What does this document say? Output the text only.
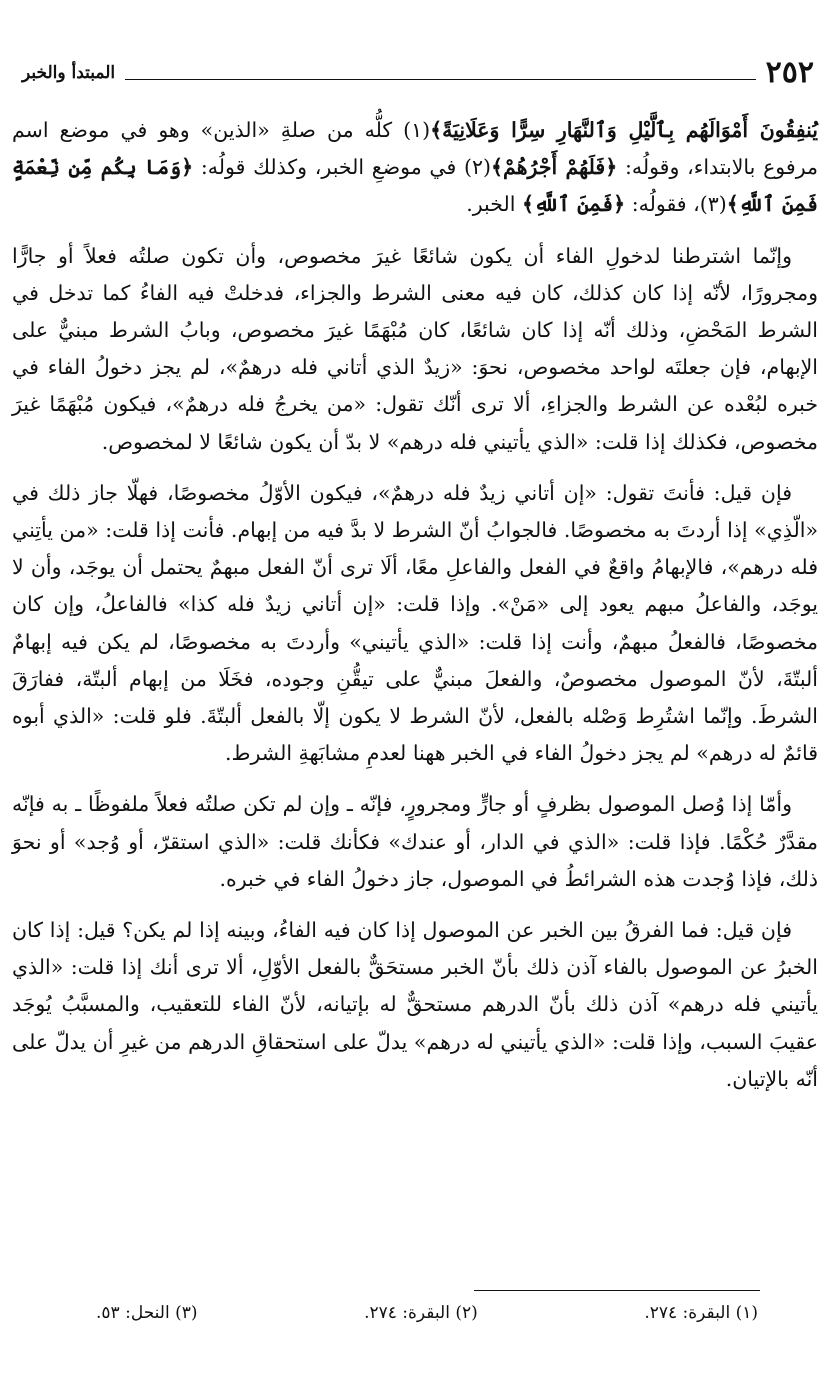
٢٥٢
المبتدأ والخبر

يُنفِقُونَ أَمْوَالَهُم بِٱلَّيْلِ وَٱلنَّهَارِ سِرًّا وَعَلَانِيَةً﴾(١) كلُّه من صلةِ «الذين» وهو في موضع اسم مرفوع بالابتداء، وقولُه: ﴿فَلَهُمْ أَجْرُهُمْ﴾(٢) في موضعِ الخبر، وكذلك قولُه: ﴿وَمَا بِكُم مِّن نِّعْمَةٍ فَمِنَ ٱللَّهِ﴾(٣)، فقولُه: ﴿فَمِنَ ٱللَّهِ﴾ الخبر.

وإنّما اشترطنا لدخولِ الفاء أن يكون شائعًا غيرَ مخصوص، وأن تكون صلتُه فعلاً أو جارًّا ومجرورًا، لأنّه إذا كان كذلك، كان فيه معنى الشرط والجزاء، فدخلتْ فيه الفاءُ كما تدخل في الشرط المَحْضِ، وذلك أنّه إذا كان شائعًا، كان مُبْهَمًا غيرَ مخصوص، وبابُ الشرط مبنيٌّ على الإبهام، فإن جعلتَه لواحد مخصوص، نحوَ: «زيدٌ الذي أتاني فله درهمٌ»، لم يجز دخولُ الفاء في خبره لبُعْده عن الشرط والجزاءِ، ألا ترى أنّك تقول: «من يخرجُ فله درهمٌ»، فيكون مُبْهَمًا غيرَ مخصوص، فكذلك إذا قلت: «الذي يأتيني فله درهم» لا بدّ أن يكون شائعًا لا لمخصوص.

فإن قيل: فأنتَ تقول: «إن أتاني زيدٌ فله درهمٌ»، فيكون الأوّلُ مخصوصًا، فهلّا جاز ذلك في «الّذِي» إذا أردتَ به مخصوصًا. فالجوابُ أنّ الشرط لا بدَّ فيه من إبهام. فأنت إذا قلت: «من يأتِني فله درهم»، فالإبهامُ واقعٌ في الفعل والفاعلِ معًا، ألَا ترى أنّ الفعل مبهمٌ يحتمل أن يوجَد، وأن لا يوجَد، والفاعلُ مبهم يعود إلى «مَنْ». وإذا قلت: «إن أتاني زيدٌ فله كذا» فالفاعلُ، وإن كان مخصوصًا، فالفعلُ مبهمٌ، وأنت إذا قلت: «الذي يأتيني» وأردتَ به مخصوصًا، لم يكن فيه إبهامٌ ألبتّةَ، لأنّ الموصول مخصوصٌ، والفعلَ مبنيٌّ على تيقُّنِ وجوده، فخَلَا من إبهام ألبتّة، ففارَقَ الشرطَ. وإنّما اشتُرِط وَصْله بالفعل، لأنّ الشرط لا يكون إلّا بالفعل ألبتّةَ. فلو قلت: «الذي أبوه قائمٌ له درهم» لم يجز دخولُ الفاء في الخبر ههنا لعدمِ مشابَهةِ الشرط.

وأمّا إذا وُصل الموصول بظرفٍ أو جارٍّ ومجرورٍ، فإنّه ـ وإن لم تكن صلتُه فعلاً ملفوظًا ـ به فإنّه مقدَّرٌ حُكْمًا. فإذا قلت: «الذي في الدار، أو عندك» فكأنك قلت: «الذي استقرّ، أو وُجد» أو نحوَ ذلك، فإذا وُجدت هذه الشرائطُ في الموصول، جاز دخولُ الفاء في خبره.

فإن قيل: فما الفرقُ بين الخبر عن الموصول إذا كان فيه الفاءُ، وبينه إذا لم يكن؟ قيل: إذا كان الخبرُ عن الموصول بالفاء آذن ذلك بأنّ الخبر مستحَقٌّ بالفعل الأوّلِ، ألا ترى أنك إذا قلت: «الذي يأتيني فله درهم» آذن ذلك بأنّ الدرهم مستحقٌّ له بإتيانه، لأنّ الفاء للتعقيب، والمسبَّبُ يُوجَد عقيبَ السبب، وإذا قلت: «الذي يأتيني له درهم» يدلّ على استحقاقِ الدرهم من غيرِ أن يدلّ على أنّه بالإتيان.

(١) البقرة: ٢٧٤.
(٢) البقرة: ٢٧٤.
(٣) النحل: ٥٣.
